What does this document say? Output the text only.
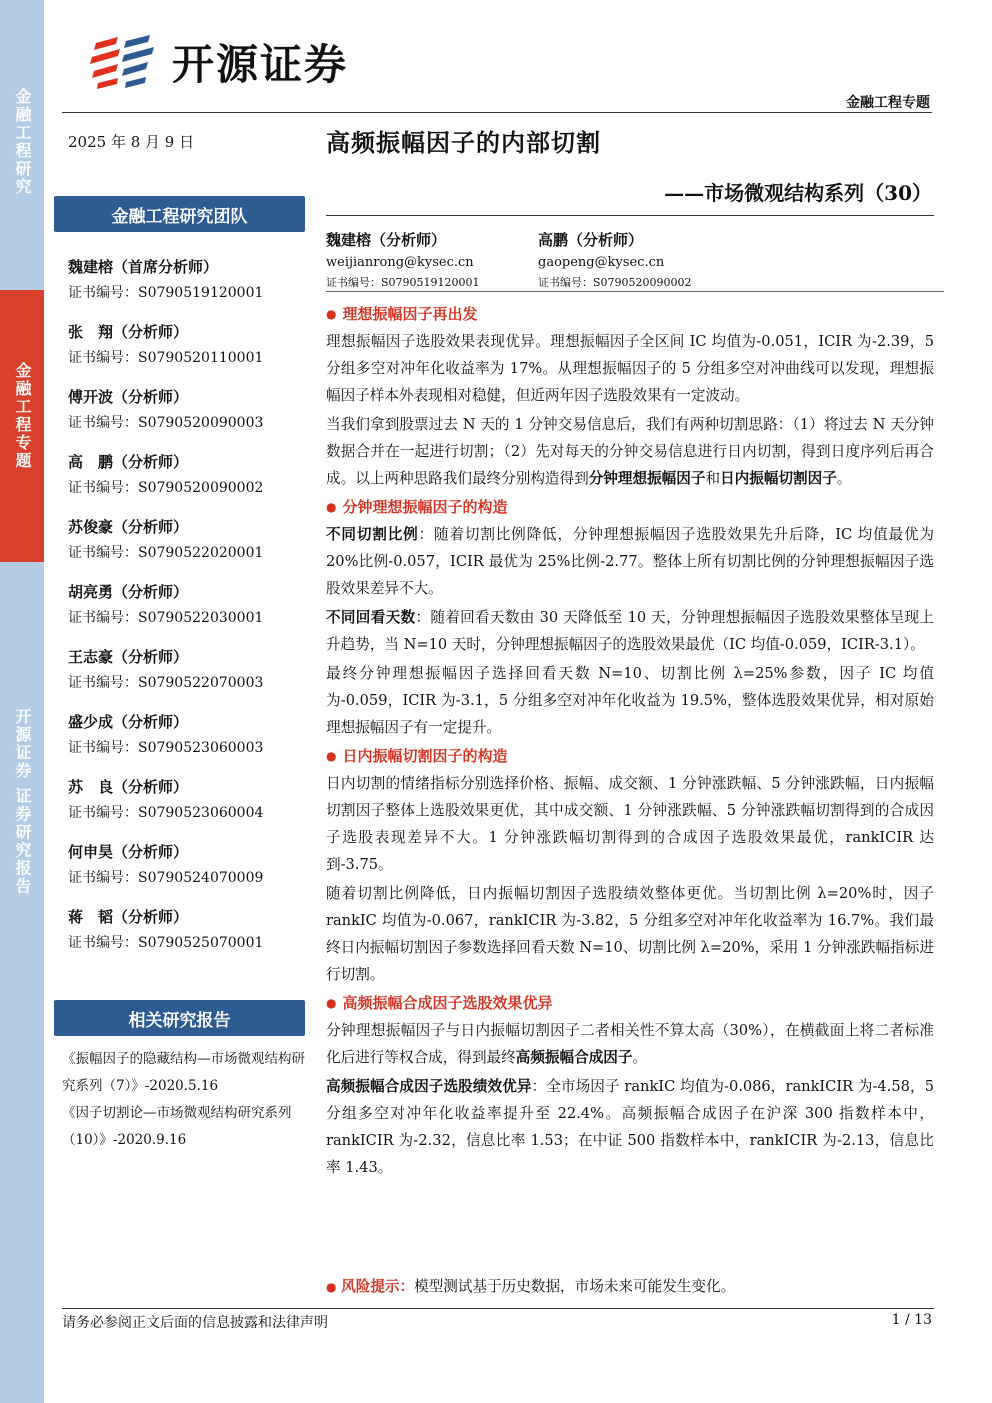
金融工程研究
金融工程专题
开源证券 证券研究报告
开源证券
金融工程专题
2025 年 8 月 9 日	高频振幅因子的内部切割
——市场微观结构系列（30）
金融工程研究团队
魏建榕（首席分析师）
证书编号：S0790519120001
张　翔（分析师）
证书编号：S0790520110001
傅开波（分析师）
证书编号：S0790520090003
高　鹏（分析师）
证书编号：S0790520090002
苏俊豪（分析师）
证书编号：S0790522020001
胡亮勇（分析师）
证书编号：S0790522030001
王志豪（分析师）
证书编号：S0790522070003
盛少成（分析师）
证书编号：S0790523060003
苏　良（分析师）
证书编号：S0790523060004
何申昊（分析师）
证书编号：S0790524070009
蒋　韬（分析师）
证书编号：S0790525070001
相关研究报告
《振幅因子的隐藏结构—市场微观结构研究系列（7）》-2020.5.16
《因子切割论—市场微观结构研究系列（10）》-2020.9.16
魏建榕（分析师）
weijianrong@kysec.cn
证书编号：S0790519120001
高鹏（分析师）
gaopeng@kysec.cn
证书编号：S0790520090002
● 理想振幅因子再出发

理想振幅因子选股效果表现优异。理想振幅因子全区间 IC 均值为-0.051，ICIR 为-2.39，5 分组多空对冲年化收益率为 17%。从理想振幅因子的 5 分组多空对冲曲线可以发现，理想振幅因子样本外表现相对稳健，但近两年因子选股效果有一定波动。

当我们拿到股票过去 N 天的 1 分钟交易信息后，我们有两种切割思路：（1）将过去 N 天分钟数据合并在一起进行切割；（2）先对每天的分钟交易信息进行日内切割，得到日度序列后再合成。以上两种思路我们最终分别构造得到分钟理想振幅因子和日内振幅切割因子。

● 分钟理想振幅因子的构造

不同切割比例：随着切割比例降低，分钟理想振幅因子选股效果先升后降，IC 均值最优为 20%比例-0.057，ICIR 最优为 25%比例-2.77。整体上所有切割比例的分钟理想振幅因子选股效果差异不大。

不同回看天数：随着回看天数由 30 天降低至 10 天，分钟理想振幅因子选股效果整体呈现上升趋势，当 N=10 天时，分钟理想振幅因子的选股效果最优（IC 均值-0.059，ICIR-3.1）。

最终分钟理想振幅因子选择回看天数 N=10、切割比例 λ=25%参数，因子 IC 均值为-0.059，ICIR 为-3.1，5 分组多空对冲年化收益为 19.5%，整体选股效果优异，相对原始理想振幅因子有一定提升。

● 日内振幅切割因子的构造

日内切割的情绪指标分别选择价格、振幅、成交额、1 分钟涨跌幅、5 分钟涨跌幅，日内振幅切割因子整体上选股效果更优，其中成交额、1 分钟涨跌幅、5 分钟涨跌幅切割得到的合成因子选股表现差异不大。1 分钟涨跌幅切割得到的合成因子选股效果最优，rankICIR 达到-3.75。

随着切割比例降低，日内振幅切割因子选股绩效整体更优。当切割比例 λ=20%时，因子 rankIC 均值为-0.067，rankICIR 为-3.82，5 分组多空对冲年化收益率为 16.7%。我们最终日内振幅切割因子参数选择回看天数 N=10、切割比例 λ=20%，采用 1 分钟涨跌幅指标进行切割。

● 高频振幅合成因子选股效果优异

分钟理想振幅因子与日内振幅切割因子二者相关性不算太高（30%），在横截面上将二者标准化后进行等权合成，得到最终高频振幅合成因子。

高频振幅合成因子选股绩效优异：全市场因子 rankIC 均值为-0.086，rankICIR 为-4.58，5 分组多空对冲年化收益率提升至 22.4%。高频振幅合成因子在沪深 300 指数样本中，rankICIR 为-2.32，信息比率 1.53；在中证 500 指数样本中，rankICIR 为-2.13，信息比率 1.43。

● 风险提示：模型测试基于历史数据，市场未来可能发生变化。
请务必参阅正文后面的信息披露和法律声明	1 / 13
